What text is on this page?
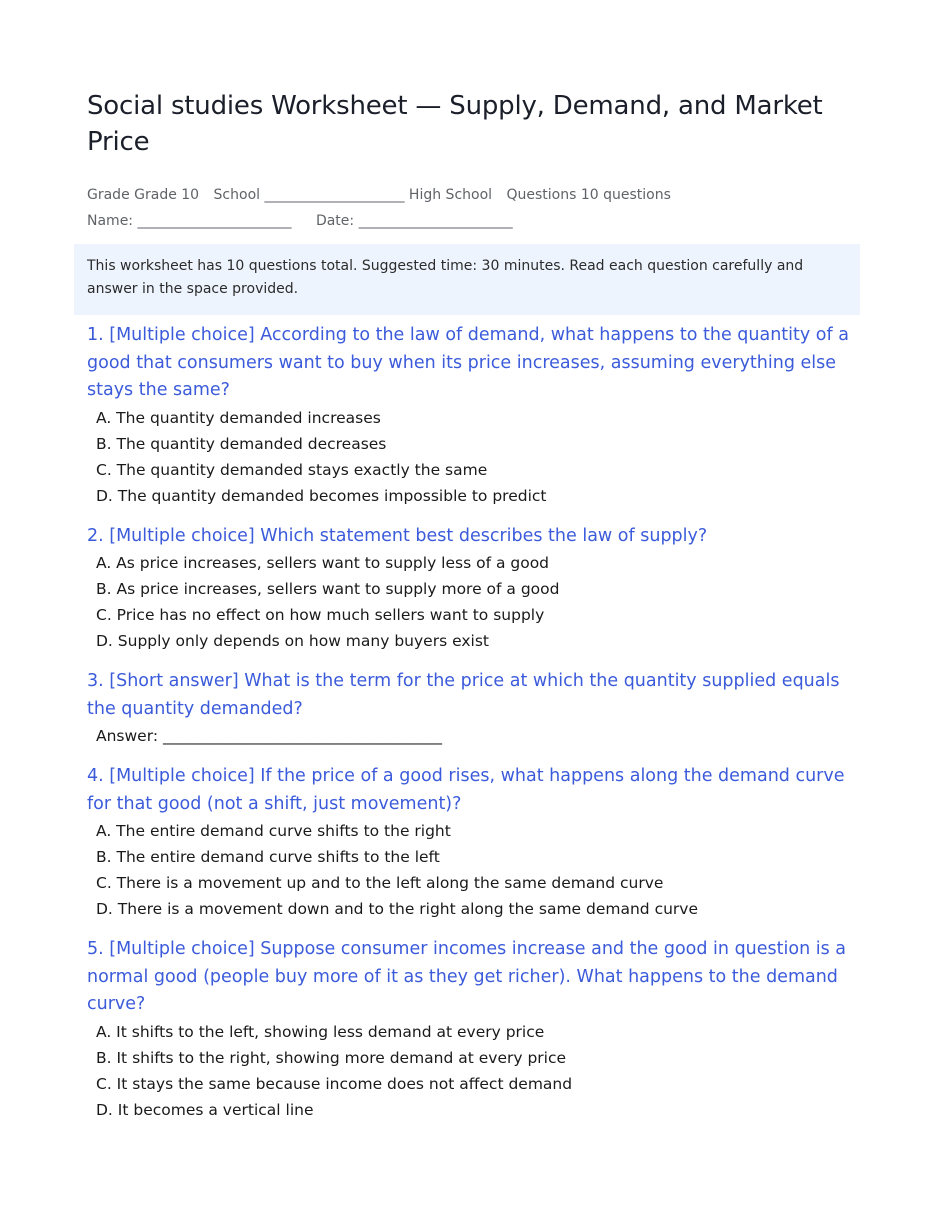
Social studies Worksheet — Supply, Demand, and Market Price
Grade Grade 10 School ____________________ High School Questions 10 questions
Name: ______________________ Date: ______________________
This worksheet has 10 questions total. Suggested time: 30 minutes. Read each question carefully and answer in the space provided.

1. [Multiple choice] According to the law of demand, what happens to the quantity of a good that consumers want to buy when its price increases, assuming everything else stays the same?

A. The quantity demanded increases
B. The quantity demanded decreases
C. The quantity demanded stays exactly the same
D. The quantity demanded becomes impossible to predict

2. [Multiple choice] Which statement best describes the law of supply?

A. As price increases, sellers want to supply less of a good
B. As price increases, sellers want to supply more of a good
C. Price has no effect on how much sellers want to supply
D. Supply only depends on how many buyers exist

3. [Short answer] What is the term for the price at which the quantity supplied equals the quantity demanded?

Answer: ____________________________________

4. [Multiple choice] If the price of a good rises, what happens along the demand curve for that good (not a shift, just movement)?

A. The entire demand curve shifts to the right
B. The entire demand curve shifts to the left
C. There is a movement up and to the left along the same demand curve
D. There is a movement down and to the right along the same demand curve

5. [Multiple choice] Suppose consumer incomes increase and the good in question is a normal good (people buy more of it as they get richer). What happens to the demand curve?

A. It shifts to the left, showing less demand at every price
B. It shifts to the right, showing more demand at every price
C. It stays the same because income does not affect demand
D. It becomes a vertical line
